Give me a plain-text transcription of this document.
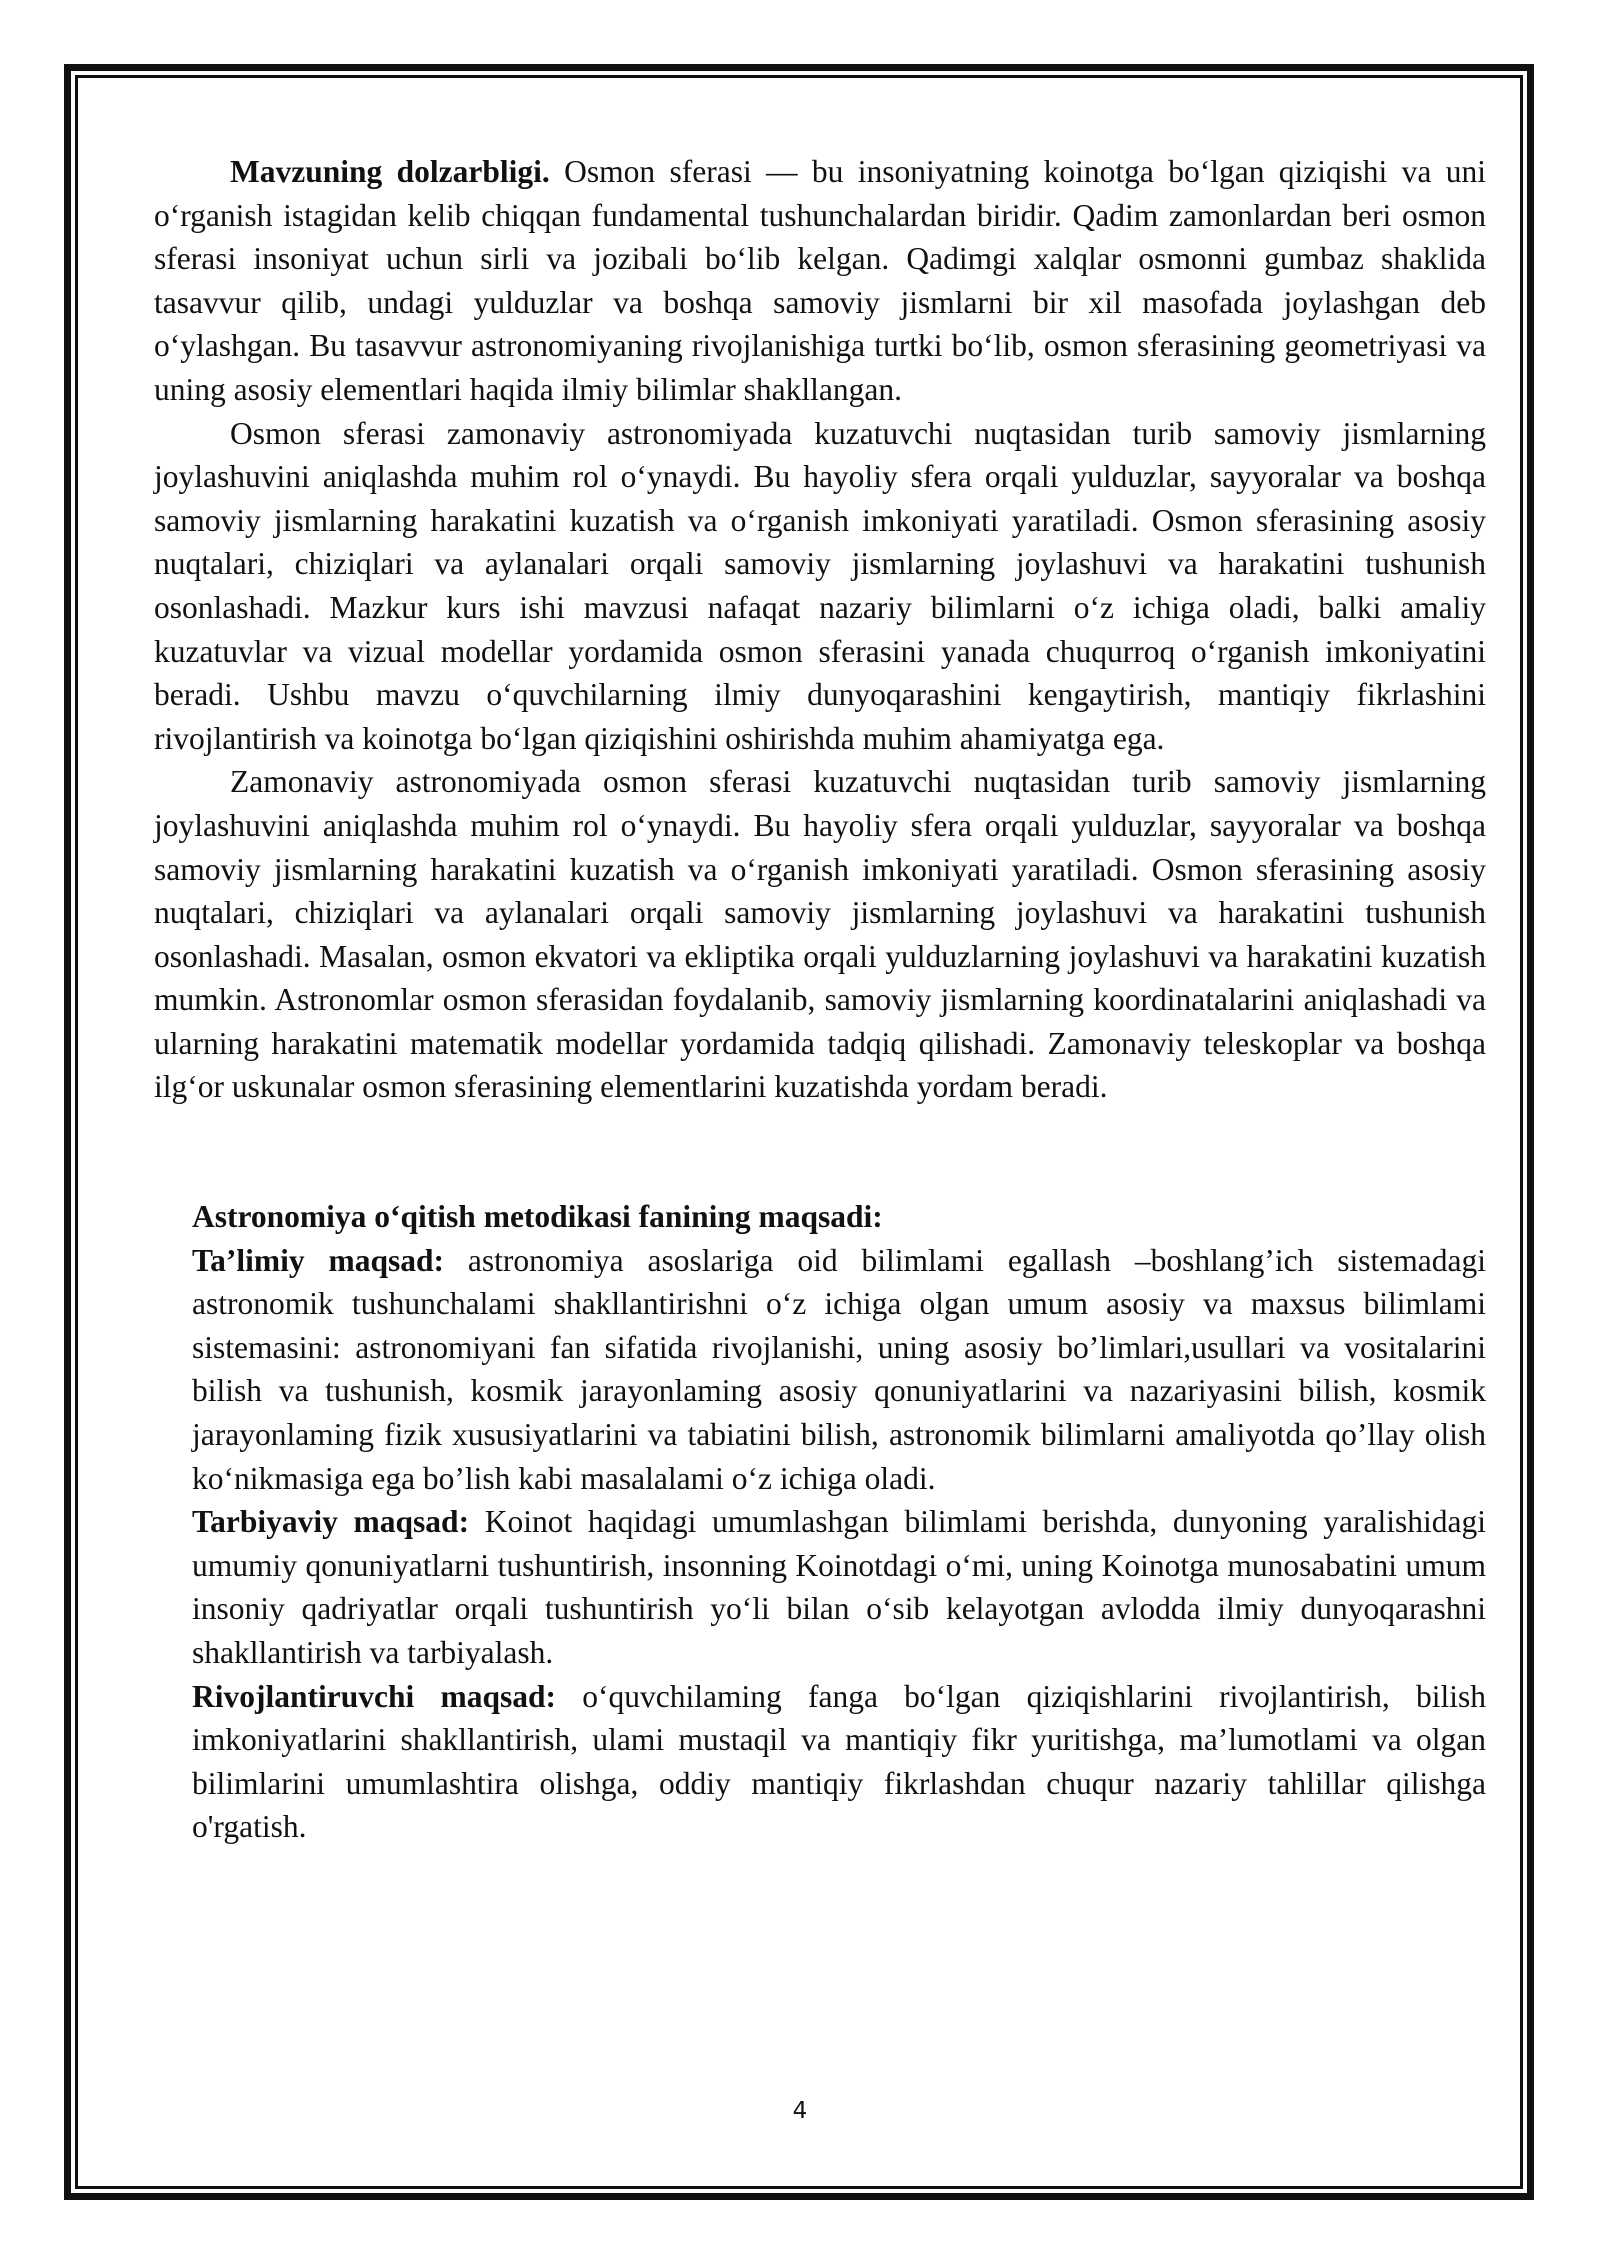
Mavzuning dolzarbligi. Osmon sferasi — bu insoniyatning koinotga bo‘lgan qiziqishi va uni o‘rganish istagidan kelib chiqqan fundamental tushunchalardan biridir. Qadim zamonlardan beri osmon sferasi insoniyat uchun sirli va jozibali bo‘lib kelgan. Qadimgi xalqlar osmonni gumbaz shaklida tasavvur qilib, undagi yulduzlar va boshqa samoviy jismlarni bir xil masofada joylashgan deb o‘ylashgan. Bu tasavvur astronomiyaning rivojlanishiga turtki bo‘lib, osmon sferasining geometriyasi va uning asosiy elementlari haqida ilmiy bilimlar shakllangan.

Osmon sferasi zamonaviy astronomiyada kuzatuvchi nuqtasidan turib samoviy jismlarning joylashuvini aniqlashda muhim rol o‘ynaydi. Bu hayoliy sfera orqali yulduzlar, sayyoralar va boshqa samoviy jismlarning harakatini kuzatish va o‘rganish imkoniyati yaratiladi. Osmon sferasining asosiy nuqtalari, chiziqlari va aylanalari orqali samoviy jismlarning joylashuvi va harakatini tushunish osonlashadi. Mazkur kurs ishi mavzusi nafaqat nazariy bilimlarni o‘z ichiga oladi, balki amaliy kuzatuvlar va vizual modellar yordamida osmon sferasini yanada chuqurroq o‘rganish imkoniyatini beradi. Ushbu mavzu o‘quvchilarning ilmiy dunyoqarashini kengaytirish, mantiqiy fikrlashini rivojlantirish va koinotga bo‘lgan qiziqishini oshirishda muhim ahamiyatga ega.

Zamonaviy astronomiyada osmon sferasi kuzatuvchi nuqtasidan turib samoviy jismlarning joylashuvini aniqlashda muhim rol o‘ynaydi. Bu hayoliy sfera orqali yulduzlar, sayyoralar va boshqa samoviy jismlarning harakatini kuzatish va o‘rganish imkoniyati yaratiladi. Osmon sferasining asosiy nuqtalari, chiziqlari va aylanalari orqali samoviy jismlarning joylashuvi va harakatini tushunish osonlashadi. Masalan, osmon ekvatori va ekliptika orqali yulduzlarning joylashuvi va harakatini kuzatish mumkin. Astronomlar osmon sferasidan foydalanib, samoviy jismlarning koordinatalarini aniqlashadi va ularning harakatini matematik modellar yordamida tadqiq qilishadi. Zamonaviy teleskoplar va boshqa ilg‘or uskunalar osmon sferasining elementlarini kuzatishda yordam beradi.

Astronomiya o‘qitish metodikasi fanining maqsadi:

Ta’limiy maqsad: astronomiya asoslariga oid bilimlami egallash –boshlang’ich sistemadagi astronomik tushunchalami shakllantirishni o‘z ichiga olgan umum asosiy va maxsus bilimlami sistemasini: astronomiyani fan sifatida rivojlanishi, uning asosiy bo’limlari,usullari va vositalarini bilish va tushunish, kosmik jarayonlaming asosiy qonuniyatlarini va nazariyasini bilish, kosmik jarayonlaming fizik xususiyatlarini va tabiatini bilish, astronomik bilimlarni amaliyotda qo’llay olish ko‘nikmasiga ega bo’lish kabi masalalami o‘z ichiga oladi.

Tarbiyaviy maqsad: Koinot haqidagi umumlashgan bilimlami berishda, dunyoning yaralishidagi umumiy qonuniyatlarni tushuntirish, insonning Koinotdagi o‘mi, uning Koinotga munosabatini umum insoniy qadriyatlar orqali tushuntirish yo‘li bilan o‘sib kelayotgan avlodda ilmiy dunyoqarashni shakllantirish va tarbiyalash.

Rivojlantiruvchi maqsad: o‘quvchilaming fanga bo‘lgan qiziqishlarini rivojlantirish, bilish imkoniyatlarini shakllantirish, ulami mustaqil va mantiqiy fikr yuritishga, ma’lumotlami va olgan bilimlarini umumlashtira olishga, oddiy mantiqiy fikrlashdan chuqur nazariy tahlillar qilishga o'rgatish.

4
